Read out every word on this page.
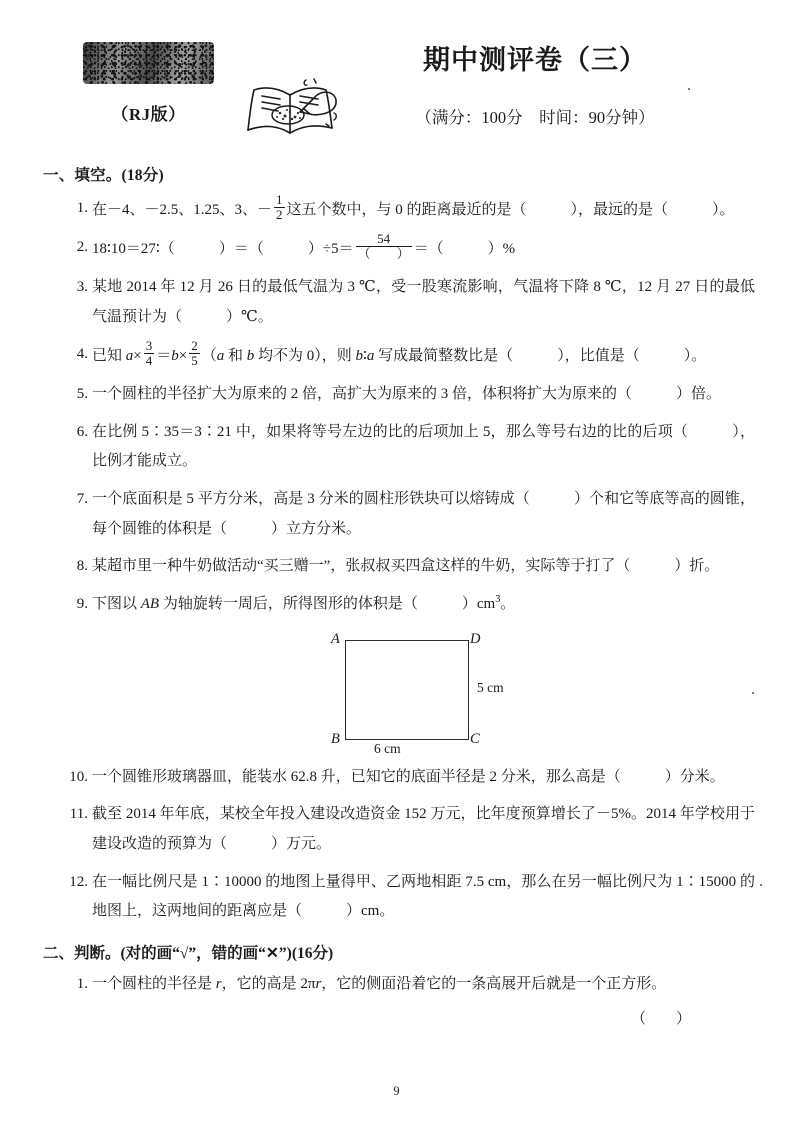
（RJ版）
期中测评卷（三）
（满分：100分　时间：90分钟）
一、填空。(18分)
1. 在－4、－2.5、1.25、3、－ $\frac{1}{2}$ 这五个数中，与 0 的距离最近的是（	），最远的是（	）。
2. 18∶10＝27∶（	）＝（	）$\div 5= \frac{54}{( )}$ ＝（	）%
3. 某地 2014 年 12 月 26 日的最低气温为 3 ℃，受一股寒流影响，气温将下降 8 ℃，12 月 27 日的最低气温预计为（	）℃。
4. 已知 $a\times \frac{3}{4} =b\times \frac{2}{5} (a$ 和 b 均不为 0），则 b∶a 写成最简整数比是（	），比值是（	）。
5. 一个圆柱的半径扩大为原来的 2 倍，高扩大为原来的 3 倍，体积将扩大为原来的（	）倍。
6. 在比例 5∶35＝3∶21 中，如果将等号左边的比的后项加上 5，那么等号右边的比的后项（	），比例才能成立。
7. 一个底面积是 5 平方分米，高是 3 分米的圆柱形铁块可以熔铸成（	）个和它等底等高的圆锥，每个圆锥的体积是（	）立方分米。
8. 某超市里一种牛奶做活动“买三赠一”，张叔叔买四盒这样的牛奶，实际等于打了（	）折。
9. 下图以 AB 为轴旋转一周后，所得图形的体积是（	）$cm^3$。
A	D
B	C
5 cm
6 cm
10. 一个圆锥形玻璃器皿，能装水 62.8 升，已知它的底面半径是 2 分米，那么高是（	）分米。
11. 截至 2014 年年底，某校全年投入建设改造资金 152 万元，比年度预算增长了－5%。2014 年学校用于建设改造的预算为（	）万元。
12. 在一幅比例尺是 1∶10000 的地图上量得甲、乙两地相距 7.5 cm，那么在另一幅比例尺为 1∶15000 的地图上，这两地间的距离应是（	）cm。
二、判断。(对的画“√”，错的画“✕”)(16分)
1. 一个圆柱的半径是 r，它的高是 2πr，它的侧面沿着它的一条高展开后就是一个正方形。
（　　）
9
